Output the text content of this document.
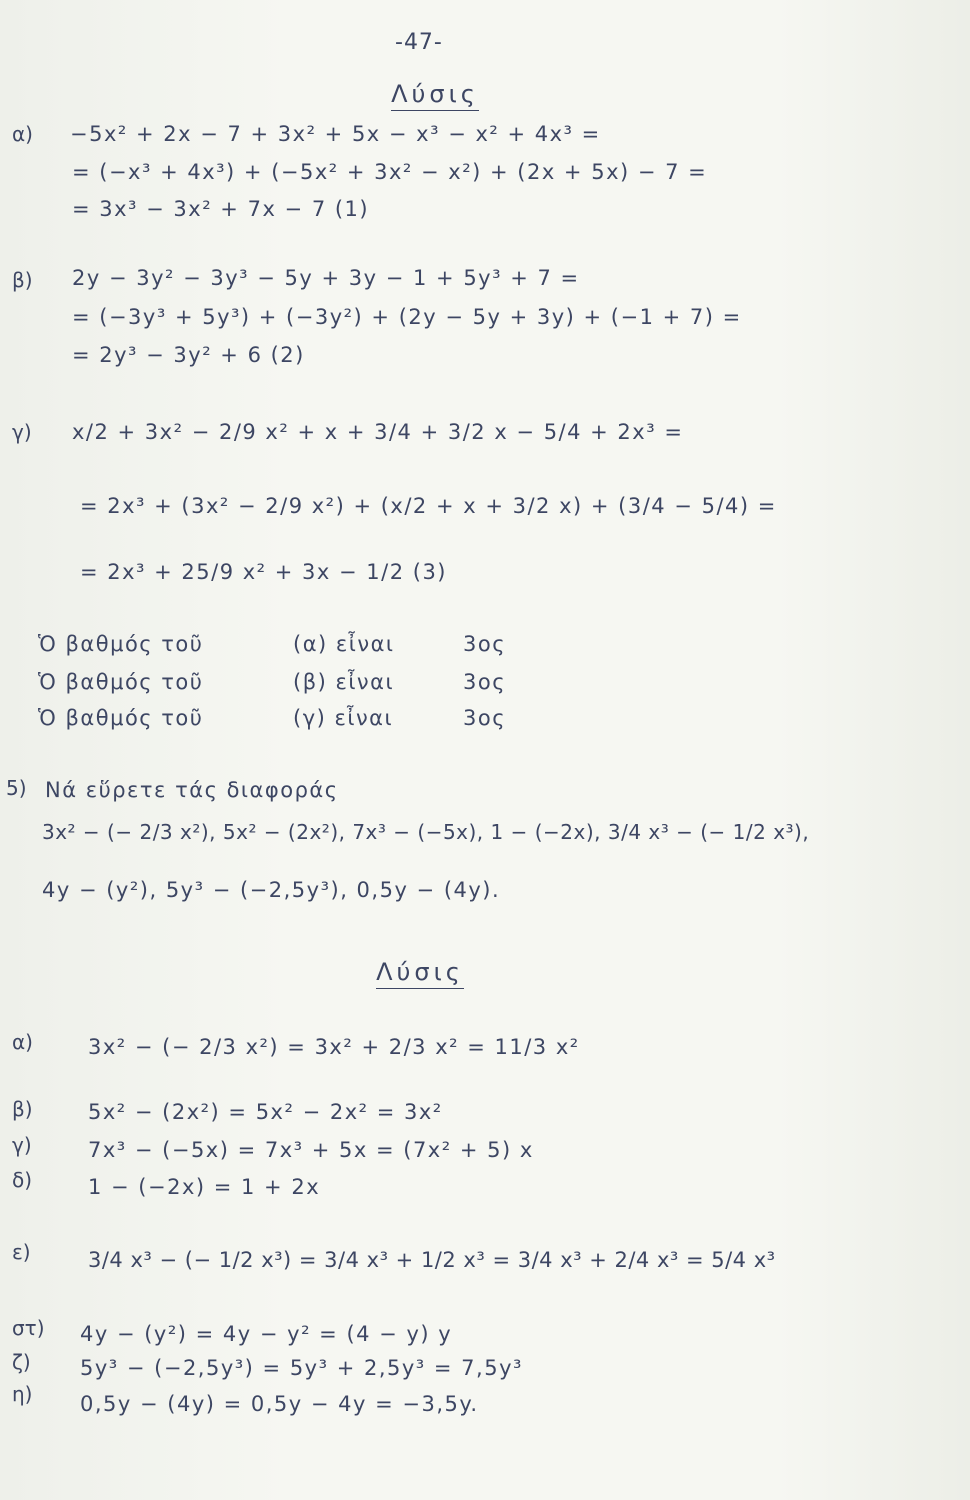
-47-
Λύσις
α) −5x² + 2x − 7 + 3x² + 5x − x³ − x² + 4x³ =
= (−x³ + 4x³) + (−5x² + 3x² − x²) + (2x + 5x) − 7 =
= 3x³ − 3x² + 7x − 7 (1)
β) 2y − 3y² − 3y³ − 5y + 3y − 1 + 5y³ + 7 =
= (−3y³ + 5y³) + (−3y²) + (2y − 5y + 3y) + (−1 + 7) =
= 2y³ − 3y² + 6 (2)
γ) x/2 + 3x² − 2/9 x² + x + 3/4 + 3/2 x − 5/4 + 2x³ =
= 2x³ + (3x² − 2/9 x²) + (x/2 + x + 3/2 x) + (3/4 − 5/4) =
= 2x³ + 25/9 x² + 3x − 1/2 (3)
Ὁ βαθμός τοῦ	(α) εἶναι	3ος
Ὁ βαθμός τοῦ	(β) εἶναι	3ος
Ὁ βαθμός τοῦ	(γ) εἶναι	3ος
5) Νά εὕρετε τάς διαφοράς
3x² − (− 2/3 x²), 5x² − (2x²), 7x³ − (−5x), 1 − (−2x), 3/4 x³ − (− 1/2 x³),
4y − (y²), 5y³ − (−2,5y³), 0,5y − (4y).
Λύσις
α)	3x² − (− 2/3 x²) = 3x² + 2/3 x² = 11/3 x²
β)	5x² − (2x²) = 5x² − 2x² = 3x²
γ)	7x³ − (−5x) = 7x³ + 5x = (7x² + 5) x
δ)	1 − (−2x) = 1 + 2x
ε)	3/4 x³ − (− 1/2 x³) = 3/4 x³ + 1/2 x³ = 3/4 x³ + 2/4 x³ = 5/4 x³
στ) 4y − (y²) = 4y − y² = (4 − y) y
ζ) 5y³ − (−2,5y³) = 5y³ + 2,5y³ = 7,5y³
η) 0,5y − (4y) = 0,5y − 4y = −3,5y.
